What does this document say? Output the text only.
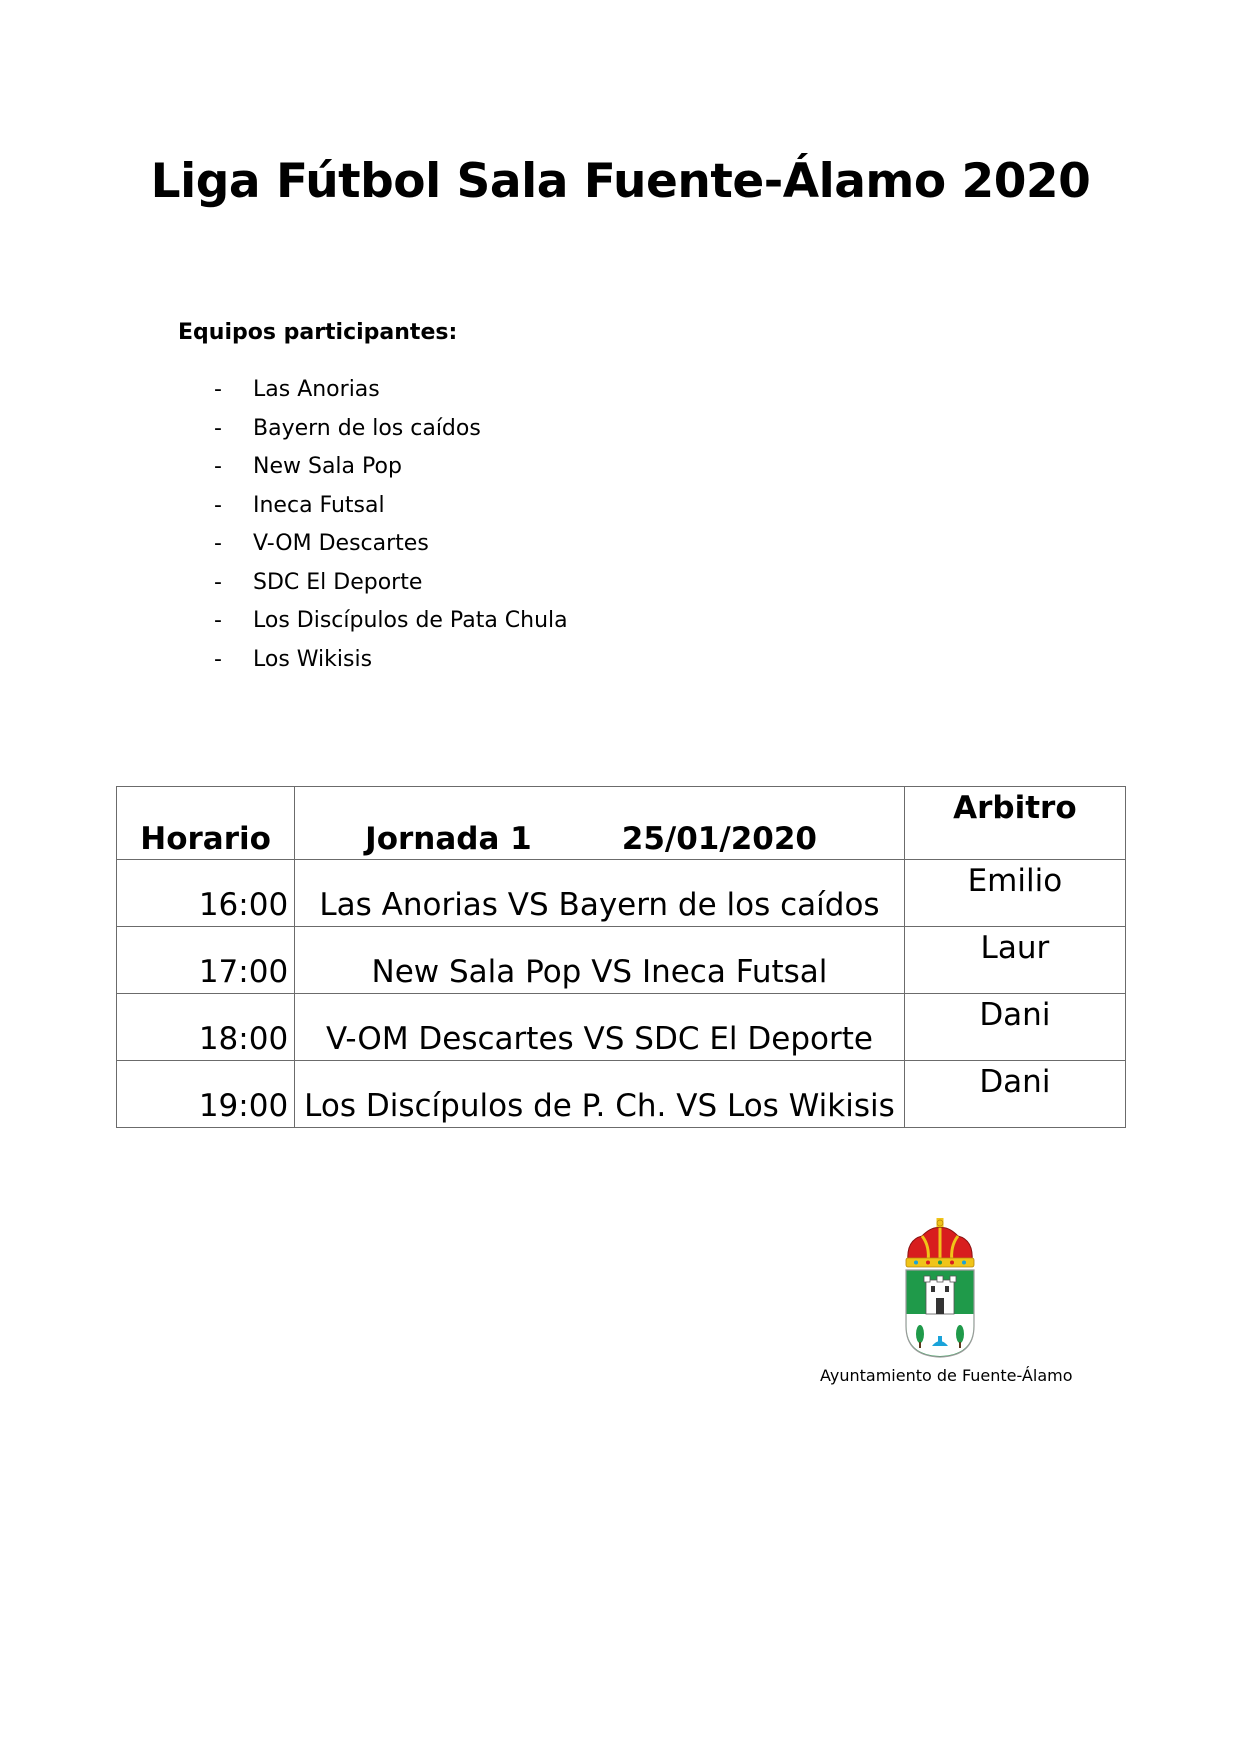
Liga Fútbol Sala Fuente-Álamo 2020

Equipos participantes:

- Las Anorias
- Bayern de los caídos
- New Sala Pop
- Ineca Futsal
- V-OM Descartes
- SDC El Deporte
- Los Discípulos de Pata Chula
- Los Wikisis
Horario	Jornada 1 25/01/2020	Arbitro
16:00	Las Anorias VS Bayern de los caídos	Emilio
17:00	New Sala Pop VS Ineca Futsal	Laur
18:00	V-OM Descartes VS SDC El Deporte	Dani
19:00	Los Discípulos de P. Ch. VS Los Wikisis	Dani

Ayuntamiento de Fuente-Álamo
